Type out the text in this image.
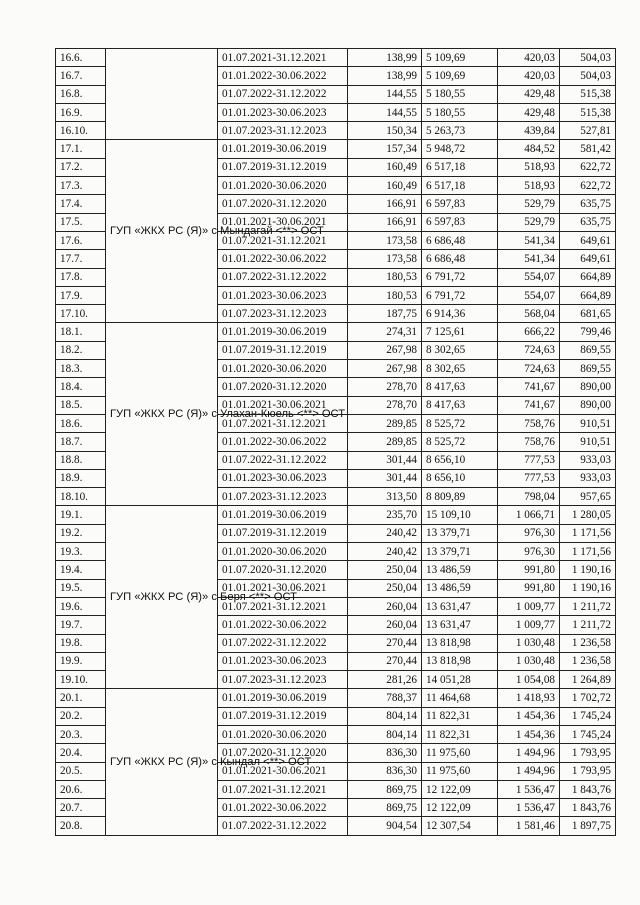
16.6.		01.07.2021-31.12.2021	138,99	5 109,69	420,03	504,03
16.7.		01.01.2022-30.06.2022	138,99	5 109,69	420,03	504,03
16.8.		01.07.2022-31.12.2022	144,55	5 180,55	429,48	515,38
16.9.		01.01.2023-30.06.2023	144,55	5 180,55	429,48	515,38
16.10.		01.07.2023-31.12.2023	150,34	5 263,73	439,84	527,81
17.1.	ГУП «ЖКХ РС (Я)» с Мындагай <**> ОСТ	01.01.2019-30.06.2019	157,34	5 948,72	484,52	581,42
17.2.		01.07.2019-31.12.2019	160,49	6 517,18	518,93	622,72
17.3.		01.01.2020-30.06.2020	160,49	6 517,18	518,93	622,72
17.4.		01.07.2020-31.12.2020	166,91	6 597,83	529,79	635,75
17.5.		01.01.2021-30.06.2021	166,91	6 597,83	529,79	635,75
17.6.		01.07.2021-31.12.2021	173,58	6 686,48	541,34	649,61
17.7.		01.01.2022-30.06.2022	173,58	6 686,48	541,34	649,61
17.8.		01.07.2022-31.12.2022	180,53	6 791,72	554,07	664,89
17.9.		01.01.2023-30.06.2023	180,53	6 791,72	554,07	664,89
17.10.		01.07.2023-31.12.2023	187,75	6 914,36	568,04	681,65
18.1.	ГУП «ЖКХ РС (Я)» с Улахан-Кюель <**> ОСТ	01.01.2019-30.06.2019	274,31	7 125,61	666,22	799,46
18.2.		01.07.2019-31.12.2019	267,98	8 302,65	724,63	869,55
18.3.		01.01.2020-30.06.2020	267,98	8 302,65	724,63	869,55
18.4.		01.07.2020-31.12.2020	278,70	8 417,63	741,67	890,00
18.5.		01.01.2021-30.06.2021	278,70	8 417,63	741,67	890,00
18.6.		01.07.2021-31.12.2021	289,85	8 525,72	758,76	910,51
18.7.		01.01.2022-30.06.2022	289,85	8 525,72	758,76	910,51
18.8.		01.07.2022-31.12.2022	301,44	8 656,10	777,53	933,03
18.9.		01.01.2023-30.06.2023	301,44	8 656,10	777,53	933,03
18.10.		01.07.2023-31.12.2023	313,50	8 809,89	798,04	957,65
19.1.	ГУП «ЖКХ РС (Я)» с Беря <**> ОСТ	01.01.2019-30.06.2019	235,70	15 109,10	1 066,71	1 280,05
19.2.		01.07.2019-31.12.2019	240,42	13 379,71	976,30	1 171,56
19.3.		01.01.2020-30.06.2020	240,42	13 379,71	976,30	1 171,56
19.4.		01.07.2020-31.12.2020	250,04	13 486,59	991,80	1 190,16
19.5.		01.01.2021-30.06.2021	250,04	13 486,59	991,80	1 190,16
19.6.		01.07.2021-31.12.2021	260,04	13 631,47	1 009,77	1 211,72
19.7.		01.01.2022-30.06.2022	260,04	13 631,47	1 009,77	1 211,72
19.8.		01.07.2022-31.12.2022	270,44	13 818,98	1 030,48	1 236,58
19.9.		01.01.2023-30.06.2023	270,44	13 818,98	1 030,48	1 236,58
19.10.		01.07.2023-31.12.2023	281,26	14 051,28	1 054,08	1 264,89
20.1.	ГУП «ЖКХ РС (Я)» с Кындал <**> ОСТ	01.01.2019-30.06.2019	788,37	11 464,68	1 418,93	1 702,72
20.2.		01.07.2019-31.12.2019	804,14	11 822,31	1 454,36	1 745,24
20.3.		01.01.2020-30.06.2020	804,14	11 822,31	1 454,36	1 745,24
20.4.		01.07.2020-31.12.2020	836,30	11 975,60	1 494,96	1 793,95
20.5.		01.01.2021-30.06.2021	836,30	11 975,60	1 494,96	1 793,95
20.6.		01.07.2021-31.12.2021	869,75	12 122,09	1 536,47	1 843,76
20.7.		01.01.2022-30.06.2022	869,75	12 122,09	1 536,47	1 843,76
20.8.		01.07.2022-31.12.2022	904,54	12 307,54	1 581,46	1 897,75
